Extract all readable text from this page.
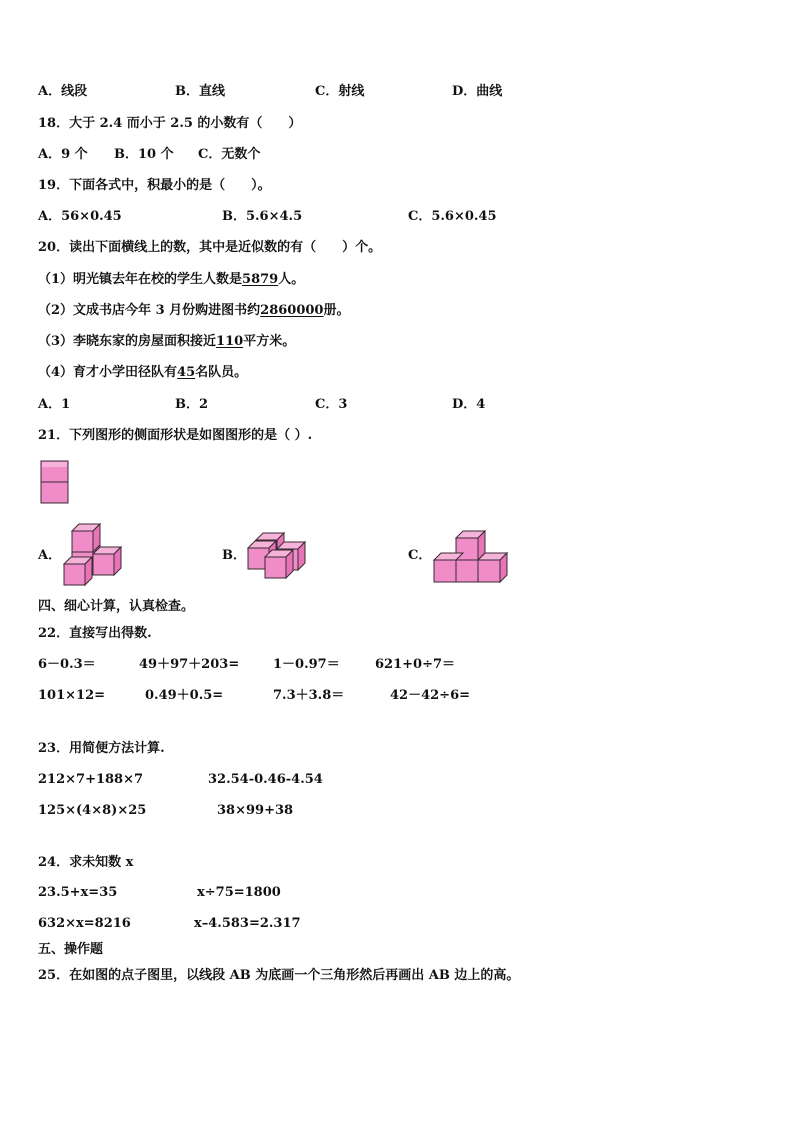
A．线段	B．直线	C．射线	D．曲线
18．大于 2.4 而小于 2.5 的小数有（　　）
A．9 个 B．10 个 C．无数个
19．下面各式中，积最小的是（　　）。
A．56×0.45	B．5.6×4.5	C．5.6×0.45
20．读出下面横线上的数，其中是近似数的有（　　）个。
（1）明光镇去年在校的学生人数是5879人。
（2）文成书店今年 3 月份购进图书约2860000册。
（3）李晓东家的房屋面积接近110平方米。
（4）育才小学田径队有45名队员。
A．1	B．2	C．3	D．4
21．下列图形的侧面形状是如图图形的是（ ）.
A．	B．	C．
四、细心计算，认真检查。
22．直接写出得数.
6－0.3＝	49＋97＋203=	1－0.97＝	621+0÷7＝
101×12=	0.49＋0.5=	7.3＋3.8＝	42－42÷6=
23．用简便方法计算.
212×7+188×7	32.54-0.46-4.54
125×(4×8)×25	38×99+38
24．求未知数 x
23.5+x=35	x÷75=1800
632×x=8216	x–4.583=2.317
五、操作题
25．在如图的点子图里，以线段 AB 为底画一个三角形然后再画出 AB 边上的高。
